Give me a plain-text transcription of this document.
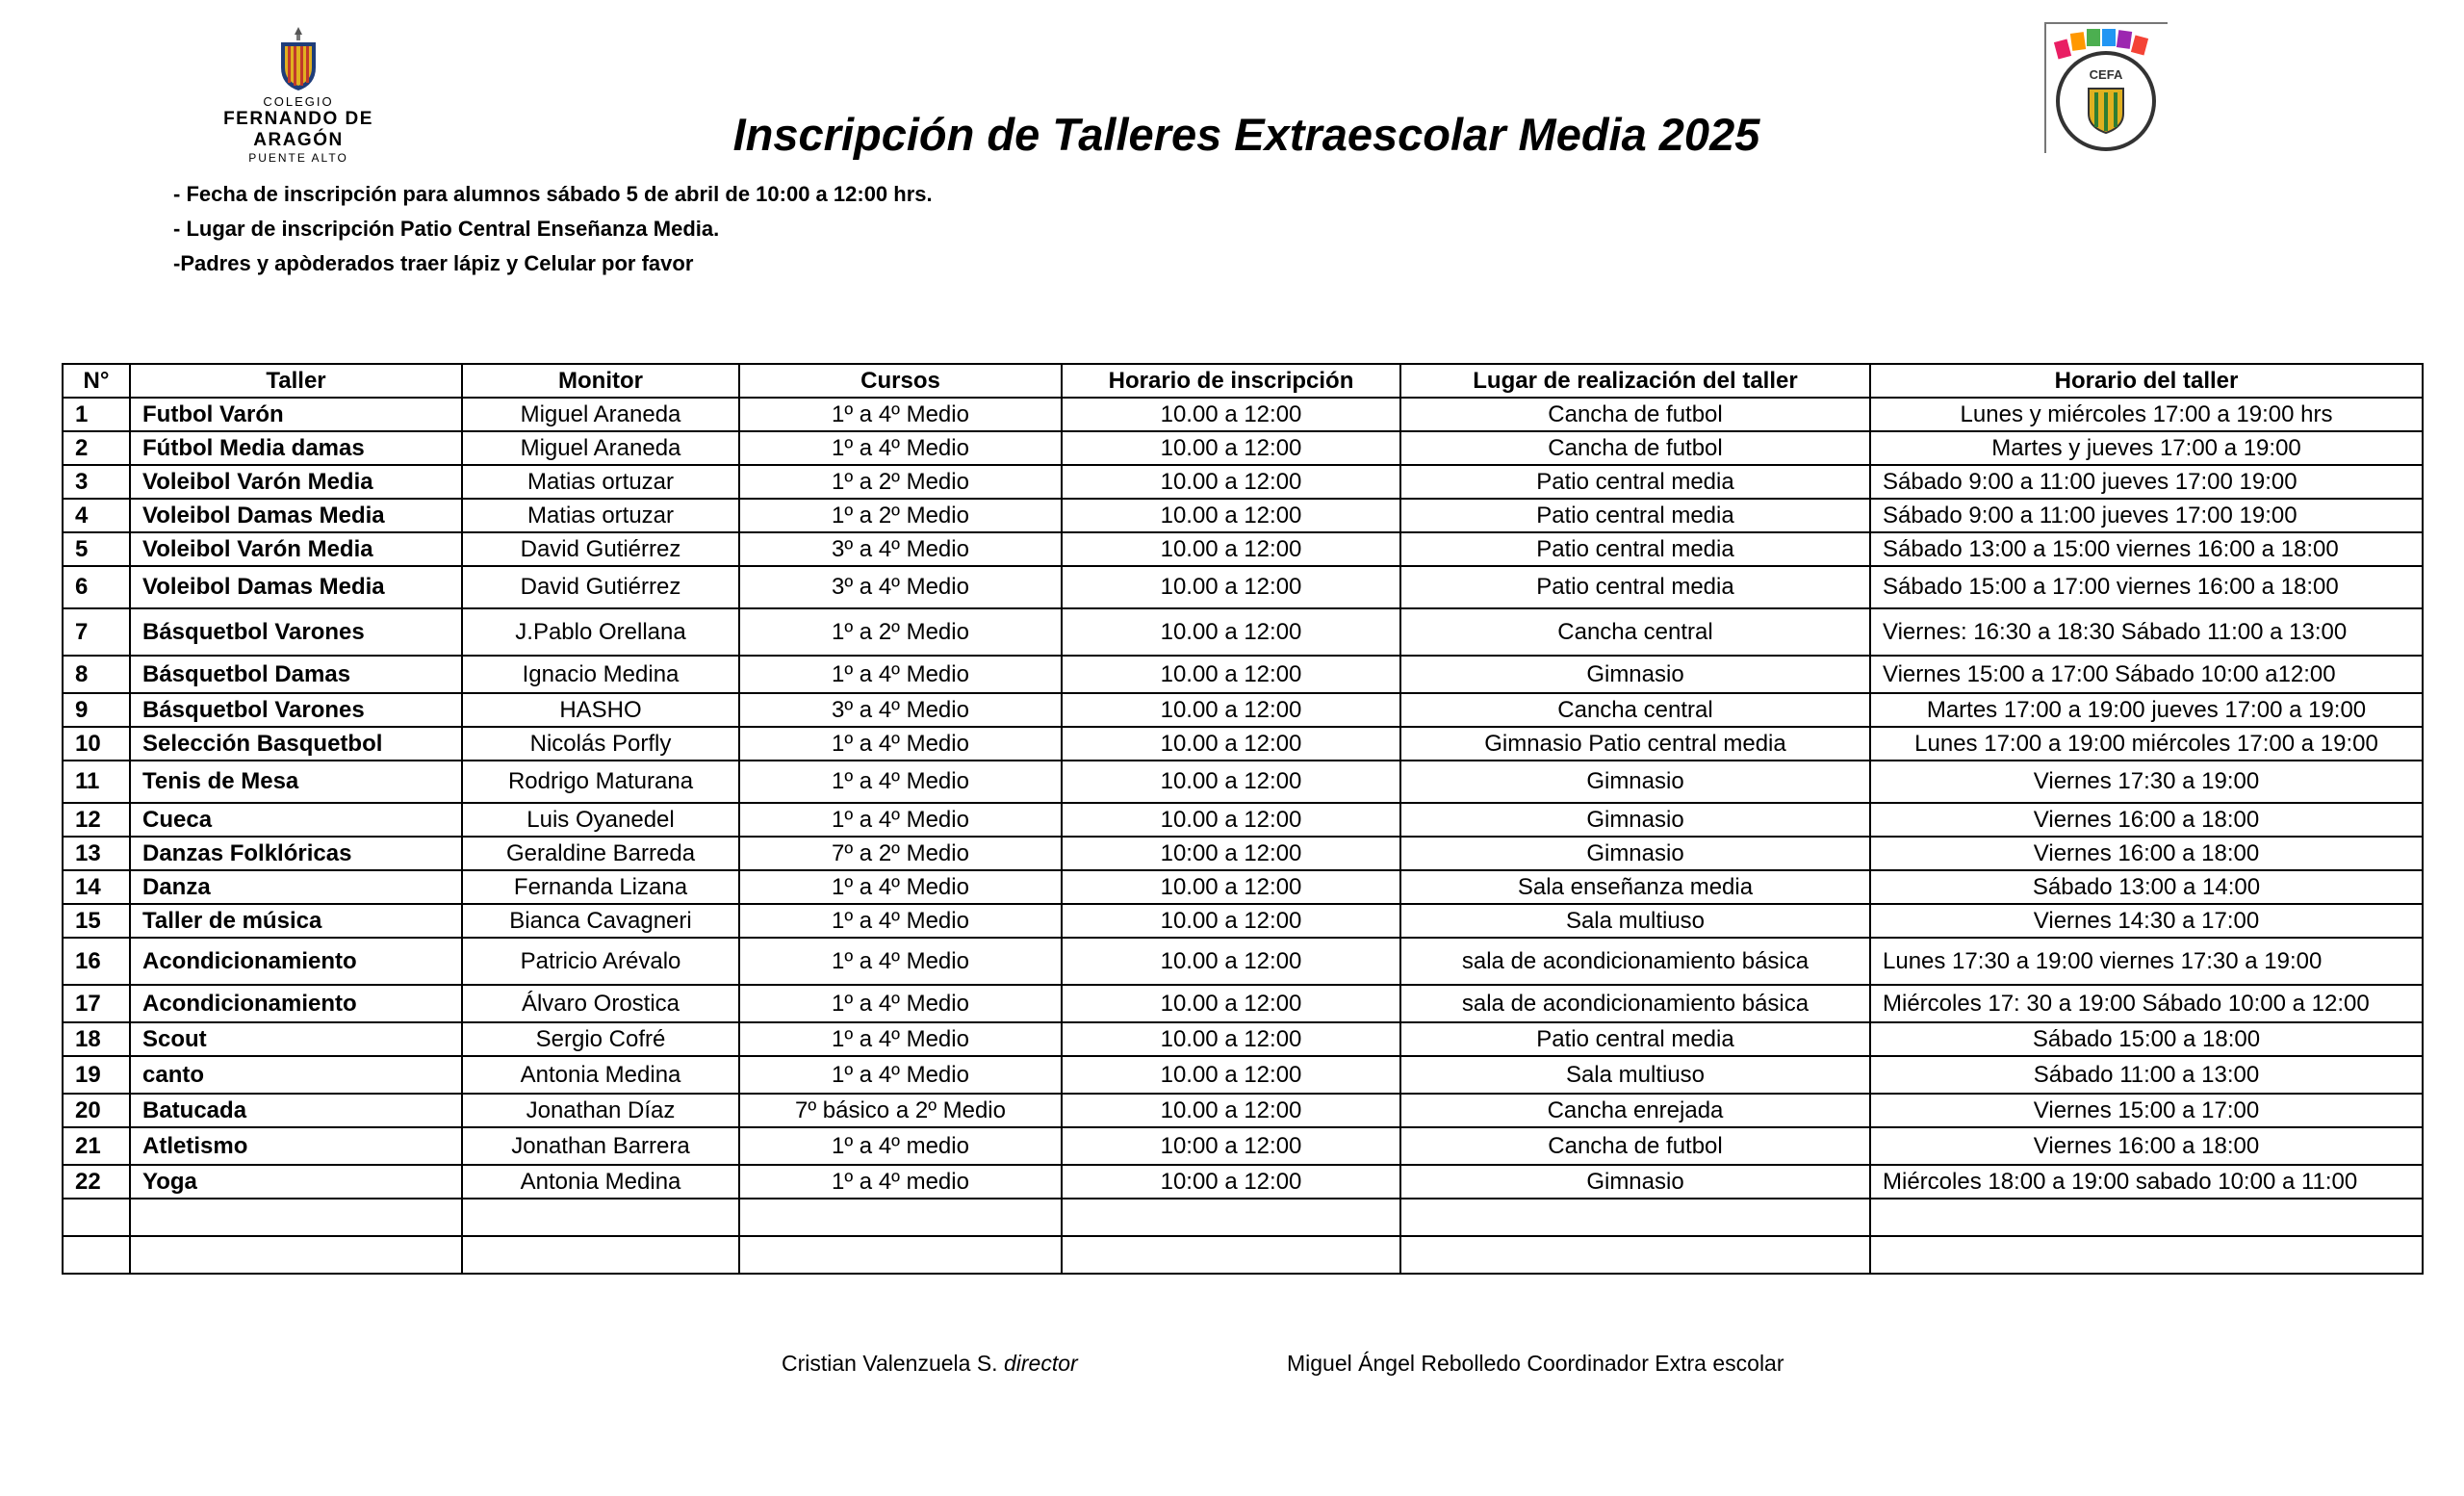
COLEGIO
FERNANDO DE ARAGÓN
PUENTE ALTO
CEFA
Inscripción de Talleres Extraescolar Media 2025
- Fecha de inscripción para alumnos sábado 5 de abril de 10:00 a 12:00 hrs.
- Lugar de inscripción Patio Central Enseñanza Media.
-Padres y apòderados traer lápiz y Celular por favor
N°	Taller	Monitor	Cursos	Horario de inscripción	Lugar de realización del taller	Horario del taller
1	Futbol Varón	Miguel Araneda	1º a 4º Medio	10.00 a 12:00	Cancha de futbol	Lunes y miércoles 17:00 a 19:00 hrs
2	Fútbol Media damas	Miguel Araneda	1º a 4º Medio	10.00 a 12:00	Cancha de futbol	Martes y jueves 17:00 a 19:00
3	Voleibol Varón Media	Matias ortuzar	1º a 2º Medio	10.00 a 12:00	Patio central media	Sábado 9:00 a 11:00 jueves 17:00 19:00
4	Voleibol Damas Media	Matias ortuzar	1º a 2º Medio	10.00 a 12:00	Patio central media	Sábado 9:00 a 11:00 jueves 17:00 19:00
5	Voleibol Varón Media	David Gutiérrez	3º a 4º Medio	10.00 a 12:00	Patio central media	Sábado 13:00 a 15:00 viernes 16:00 a 18:00
6	Voleibol Damas Media	David Gutiérrez	3º a 4º Medio	10.00 a 12:00	Patio central media	Sábado 15:00 a 17:00 viernes 16:00 a 18:00
7	Básquetbol Varones	J.Pablo Orellana	1º a 2º Medio	10.00 a 12:00	Cancha central	Viernes: 16:30 a 18:30 Sábado 11:00 a 13:00
8	Básquetbol Damas	Ignacio Medina	1º a 4º Medio	10.00 a 12:00	Gimnasio	Viernes 15:00 a 17:00 Sábado 10:00 a12:00
9	Básquetbol Varones	HASHO	3º a 4º Medio	10.00 a 12:00	Cancha central	Martes 17:00 a 19:00 jueves 17:00 a 19:00
10	Selección Basquetbol	Nicolás Porfly	1º a 4º Medio	10.00 a 12:00	Gimnasio Patio central media	Lunes 17:00 a 19:00 miércoles 17:00 a 19:00
11	Tenis de Mesa	Rodrigo Maturana	1º a 4º Medio	10.00 a 12:00	Gimnasio	Viernes 17:30 a 19:00
12	Cueca	Luis Oyanedel	1º a 4º Medio	10.00 a 12:00	Gimnasio	Viernes 16:00 a 18:00
13	Danzas Folklóricas	Geraldine Barreda	7º a 2º Medio	10:00 a 12:00	Gimnasio	Viernes 16:00 a 18:00
14	Danza	Fernanda Lizana	1º a 4º Medio	10.00 a 12:00	Sala enseñanza media	Sábado 13:00 a 14:00
15	Taller de música	Bianca Cavagneri	1º a 4º Medio	10.00 a 12:00	Sala multiuso	Viernes 14:30 a 17:00
16	Acondicionamiento	Patricio Arévalo	1º a 4º Medio	10.00 a 12:00	sala de acondicionamiento básica	Lunes 17:30 a 19:00 viernes 17:30 a 19:00
17	Acondicionamiento	Álvaro Orostica	1º a 4º Medio	10.00 a 12:00	sala de acondicionamiento básica	Miércoles 17: 30 a 19:00 Sábado 10:00 a 12:00
18	Scout	Sergio Cofré	1º a 4º Medio	10.00 a 12:00	Patio central media	Sábado 15:00 a 18:00
19	canto	Antonia Medina	1º a 4º Medio	10.00 a 12:00	Sala multiuso	Sábado 11:00 a 13:00
20	Batucada	Jonathan Díaz	7º básico a 2º Medio	10.00 a 12:00	Cancha enrejada	Viernes 15:00 a 17:00
21	Atletismo	Jonathan Barrera	1º a 4º medio	10:00 a 12:00	Cancha de futbol	Viernes 16:00 a 18:00
22	Yoga	Antonia Medina	1º a 4º medio	10:00 a 12:00	Gimnasio	Miércoles 18:00 a 19:00 sabado 10:00 a 11:00

Cristian Valenzuela S. director	Miguel Ángel Rebolledo Coordinador Extra escolar
